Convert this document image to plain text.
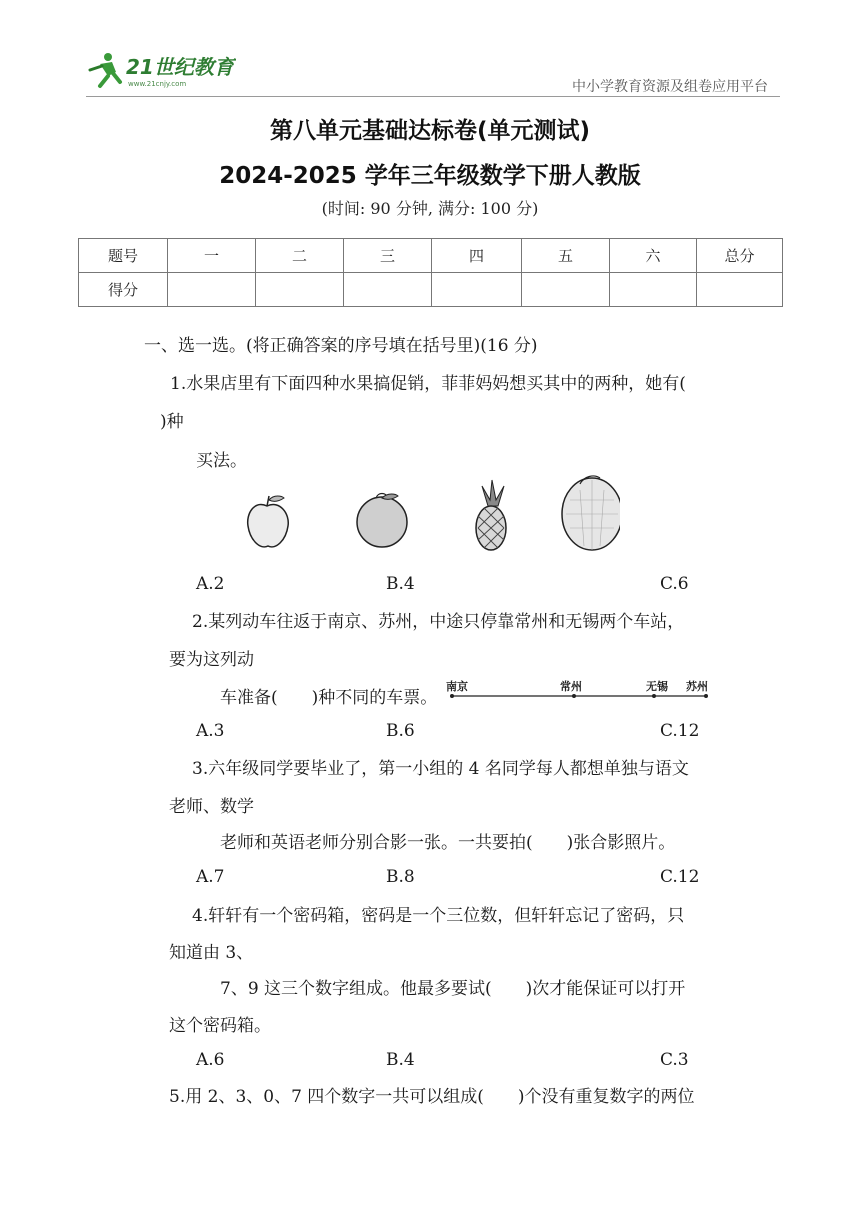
21世纪教育
www.21cnjy.com	中小学教育资源及组卷应用平台
第八单元基础达标卷(单元测试)
2024-2025 学年三年级数学下册人教版
(时间: 90 分钟, 满分: 100 分)
题号	一	二	三	四	五	六	总分
得分							
一、选一选。(将正确答案的序号填在括号里)(16 分)
1.水果店里有下面四种水果搞促销，菲菲妈妈想买其中的两种，她有(
)种
买法。
A.2	B.4	C.6
2.某列动车往返于南京、苏州，中途只停靠常州和无锡两个车站，
要为这列动
车准备(　　)种不同的车票。
南京	常州	无锡 苏州
A.3	B.6	C.12
3.六年级同学要毕业了，第一小组的 4 名同学每人都想单独与语文
老师、数学
老师和英语老师分别合影一张。一共要拍(　　)张合影照片。
A.7	B.8	C.12
4.轩轩有一个密码箱，密码是一个三位数，但轩轩忘记了密码，只
知道由 3、
7、9 这三个数字组成。他最多要试(　　)次才能保证可以打开
这个密码箱。
A.6	B.4	C.3
5.用 2、3、0、7 四个数字一共可以组成(　　)个没有重复数字的两位
